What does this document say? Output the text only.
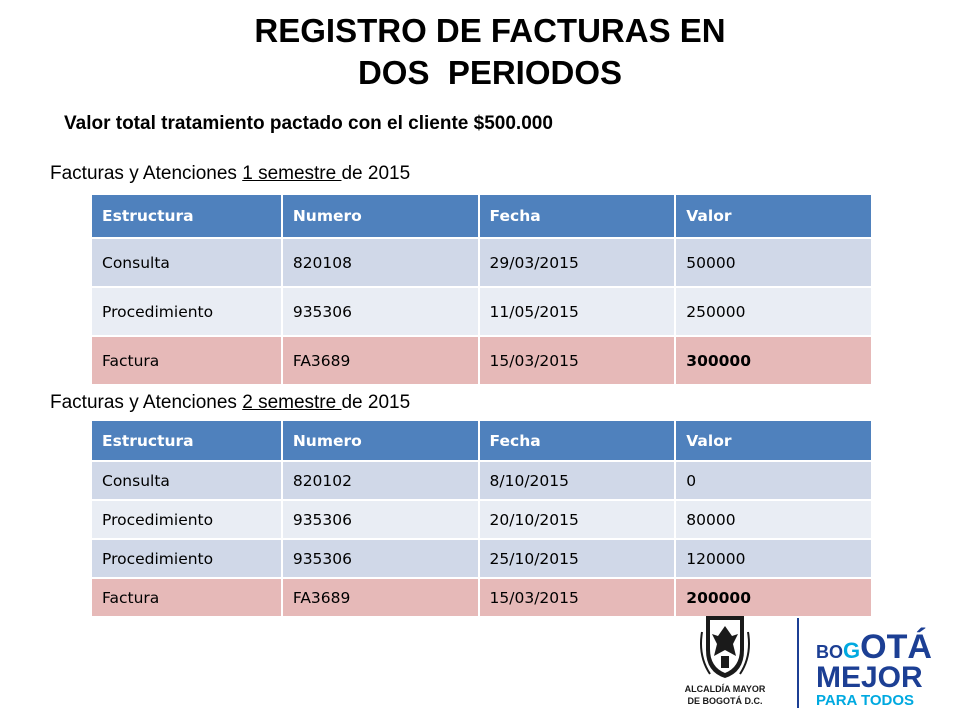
REGISTRO DE FACTURAS EN
DOS  PERIODOS
Valor total tratamiento pactado con el cliente $500.000
Facturas y Atenciones 1 semestre de 2015
Estructura	Numero	Fecha	Valor
Consulta	820108	29/03/2015	50000
Procedimiento	935306	11/05/2015	250000
Factura	FA3689	15/03/2015	300000
Facturas y Atenciones 2 semestre de 2015
Estructura	Numero	Fecha	Valor
Consulta	820102	8/10/2015	0
Procedimiento	935306	20/10/2015	80000
Procedimiento	935306	25/10/2015	120000
Factura	FA3689	15/03/2015	200000
ALCALDÍA MAYOR
DE BOGOTÁ D.C.
BOGOTÁ
MEJOR
PARA TODOS
